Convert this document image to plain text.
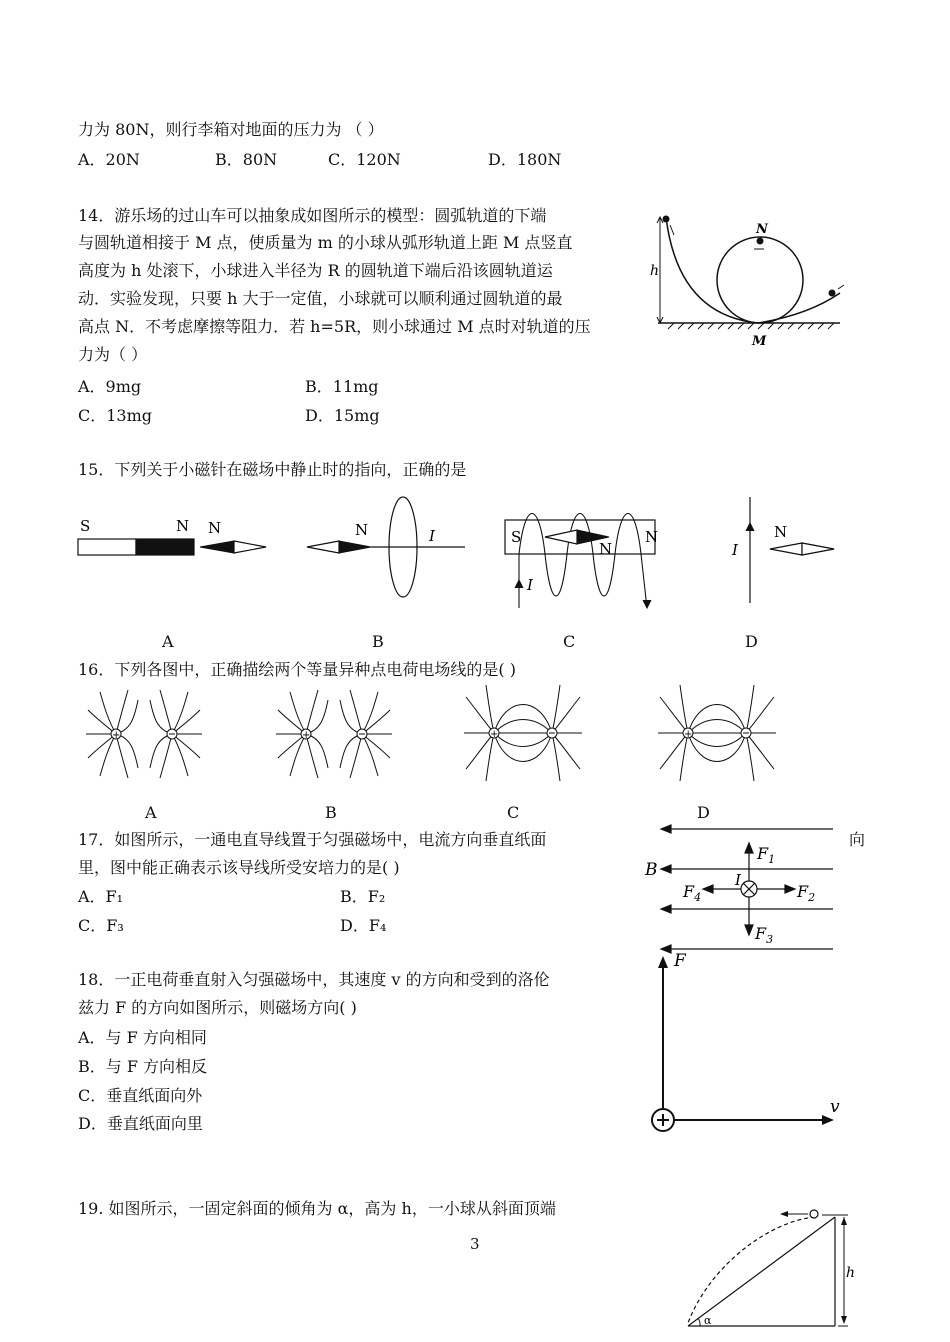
力为 80N，则行李箱对地面的压力为 （ ）
A．20N	B．80N	C．120N	D．180N
14．游乐场的过山车可以抽象成如图所示的模型：圆弧轨道的下端
与圆轨道相接于 M 点，使质量为 m 的小球从弧形轨道上距 M 点竖直
高度为 h 处滚下，小球进入半径为 R 的圆轨道下端后沿该圆轨道运
动．实验发现，只要 h 大于一定值，小球就可以顺利通过圆轨道的最
高点 N．不考虑摩擦等阻力．若 h=5R，则小球通过 M 点时对轨道的压
力为（ ）
A．9mg	B．11mg
C．13mg	D．15mg
h
N
M
15．下列关于小磁针在磁场中静止时的指向，正确的是
S	N N	N	I	S	N
N
I
I
N
A	B	C	D
16．下列各图中，正确描绘两个等量异种点电荷电场线的是( )
+	+	+	+
A	B	C	D
17．如图所示，一通电直导线置于匀强磁场中，电流方向垂直纸面	向
里，图中能正确表示该导线所受安培力的是( )
A．F₁	B．F₂
C．F₃	D．F₄
B	I
$F_1$
$F_2$
$F_3$
$F_4$
18．一正电荷垂直射入匀强磁场中，其速度 v 的方向和受到的洛伦
兹力 F 的方向如图所示，则磁场方向( )
A．与 F 方向相同
B．与 F 方向相反
C．垂直纸面向外
D．垂直纸面向里
F
v
19. 如图所示，一固定斜面的倾角为 α，高为 h，一小球从斜面顶端
h
α
3
